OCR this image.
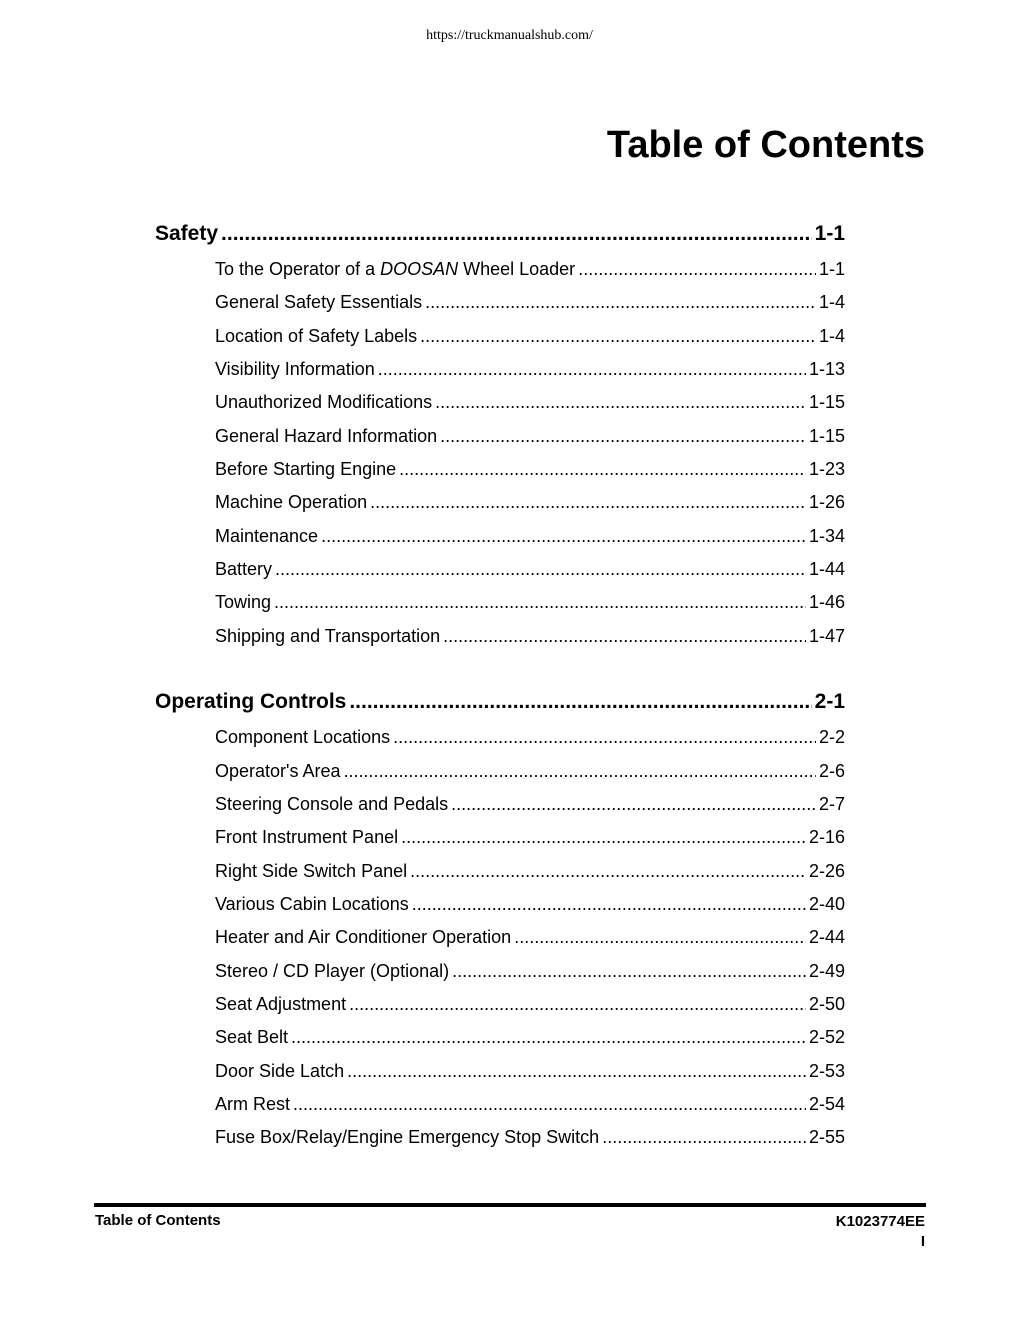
https://truckmanualshub.com/
Table of Contents
Safety .....	1-1
To the Operator of a DOOSAN Wheel Loader .....	1-1
General Safety Essentials .....	1-4
Location of Safety Labels .....	1-4
Visibility Information .....	1-13
Unauthorized Modifications .....	1-15
General Hazard Information .....	1-15
Before Starting Engine .....	1-23
Machine Operation .....	1-26
Maintenance .....	1-34
Battery .....	1-44
Towing .....	1-46
Shipping and Transportation .....	1-47
Operating Controls .....	2-1
Component Locations .....	2-2
Operator's Area .....	2-6
Steering Console and Pedals .....	2-7
Front Instrument Panel .....	2-16
Right Side Switch Panel .....	2-26
Various Cabin Locations .....	2-40
Heater and Air Conditioner Operation .....	2-44
Stereo / CD Player (Optional) .....	2-49
Seat Adjustment .....	2-50
Seat Belt .....	2-52
Door Side Latch .....	2-53
Arm Rest .....	2-54
Fuse Box/Relay/Engine Emergency Stop Switch .....	2-55
Table of Contents	K1023774EE
I
